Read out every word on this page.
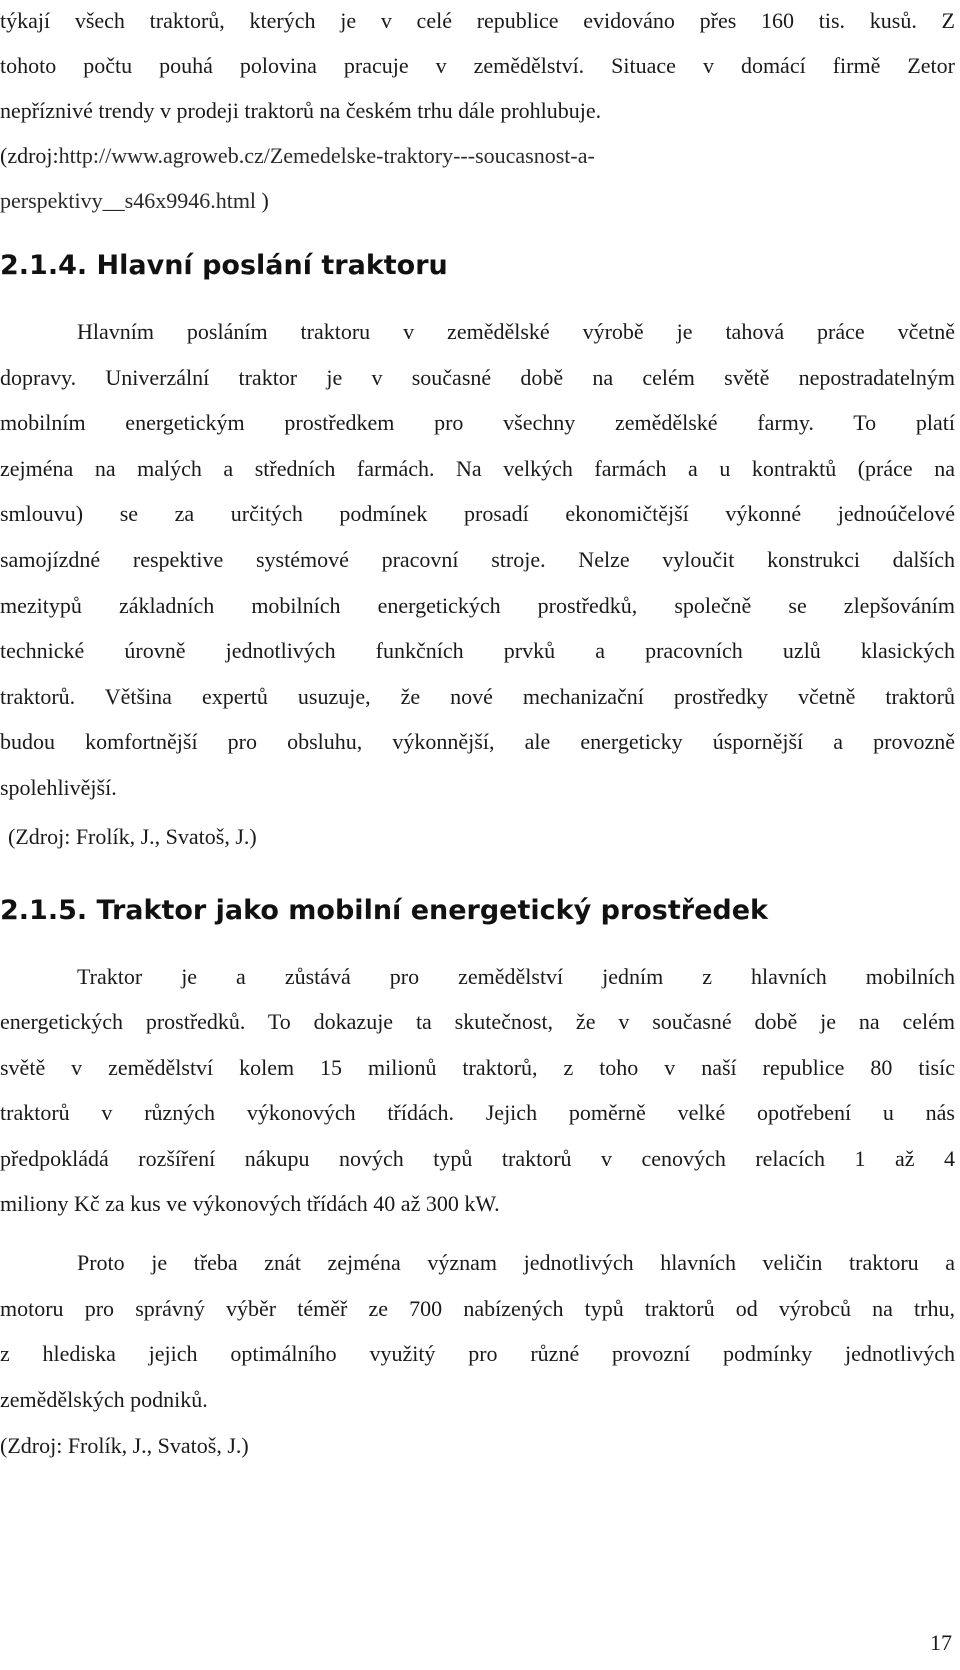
týkají všech traktorů, kterých je v celé republice evidováno přes 160 tis. kusů. Z
tohoto počtu pouhá polovina pracuje v zemědělství. Situace v domácí firmě Zetor
nepříznivé trendy v prodeji traktorů na českém trhu dále prohlubuje.
(zdroj:http://www.agroweb.cz/Zemedelske-traktory---soucasnost-a-
perspektivy__s46x9946.html )
2.1.4. Hlavní poslání traktoru
Hlavním posláním traktoru v zemědělské výrobě je tahová práce včetně
dopravy. Univerzální traktor je v současné době na celém světě nepostradatelným
mobilním energetickým prostředkem pro všechny zemědělské farmy. To platí
zejména na malých a středních farmách. Na velkých farmách a u kontraktů (práce na
smlouvu) se za určitých podmínek prosadí ekonomičtější výkonné jednoúčelové
samojízdné respektive systémové pracovní stroje. Nelze vyloučit konstrukci dalších
mezitypů základních mobilních energetických prostředků, společně se zlepšováním
technické úrovně jednotlivých funkčních prvků a pracovních uzlů klasických
traktorů. Většina expertů usuzuje, že nové mechanizační prostředky včetně traktorů
budou komfortnější pro obsluhu, výkonnější, ale energeticky úspornější a provozně
spolehlivější.
(Zdroj: Frolík, J., Svatoš, J.)
2.1.5. Traktor jako mobilní energetický prostředek
Traktor je a zůstává pro zemědělství jedním z hlavních mobilních
energetických prostředků. To dokazuje ta skutečnost, že v současné době je na celém
světě v zemědělství kolem 15 milionů traktorů, z toho v naší republice 80 tisíc
traktorů v různých výkonových třídách. Jejich poměrně velké opotřebení u nás
předpokládá rozšíření nákupu nových typů traktorů v cenových relacích 1 až 4
miliony Kč za kus ve výkonových třídách 40 až 300 kW.
Proto je třeba znát zejména význam jednotlivých hlavních veličin traktoru a
motoru pro správný výběr téměř ze 700 nabízených typů traktorů od výrobců na trhu,
z hlediska jejich optimálního využitý pro různé provozní podmínky jednotlivých
zemědělských podniků.
(Zdroj: Frolík, J., Svatoš, J.)
17
